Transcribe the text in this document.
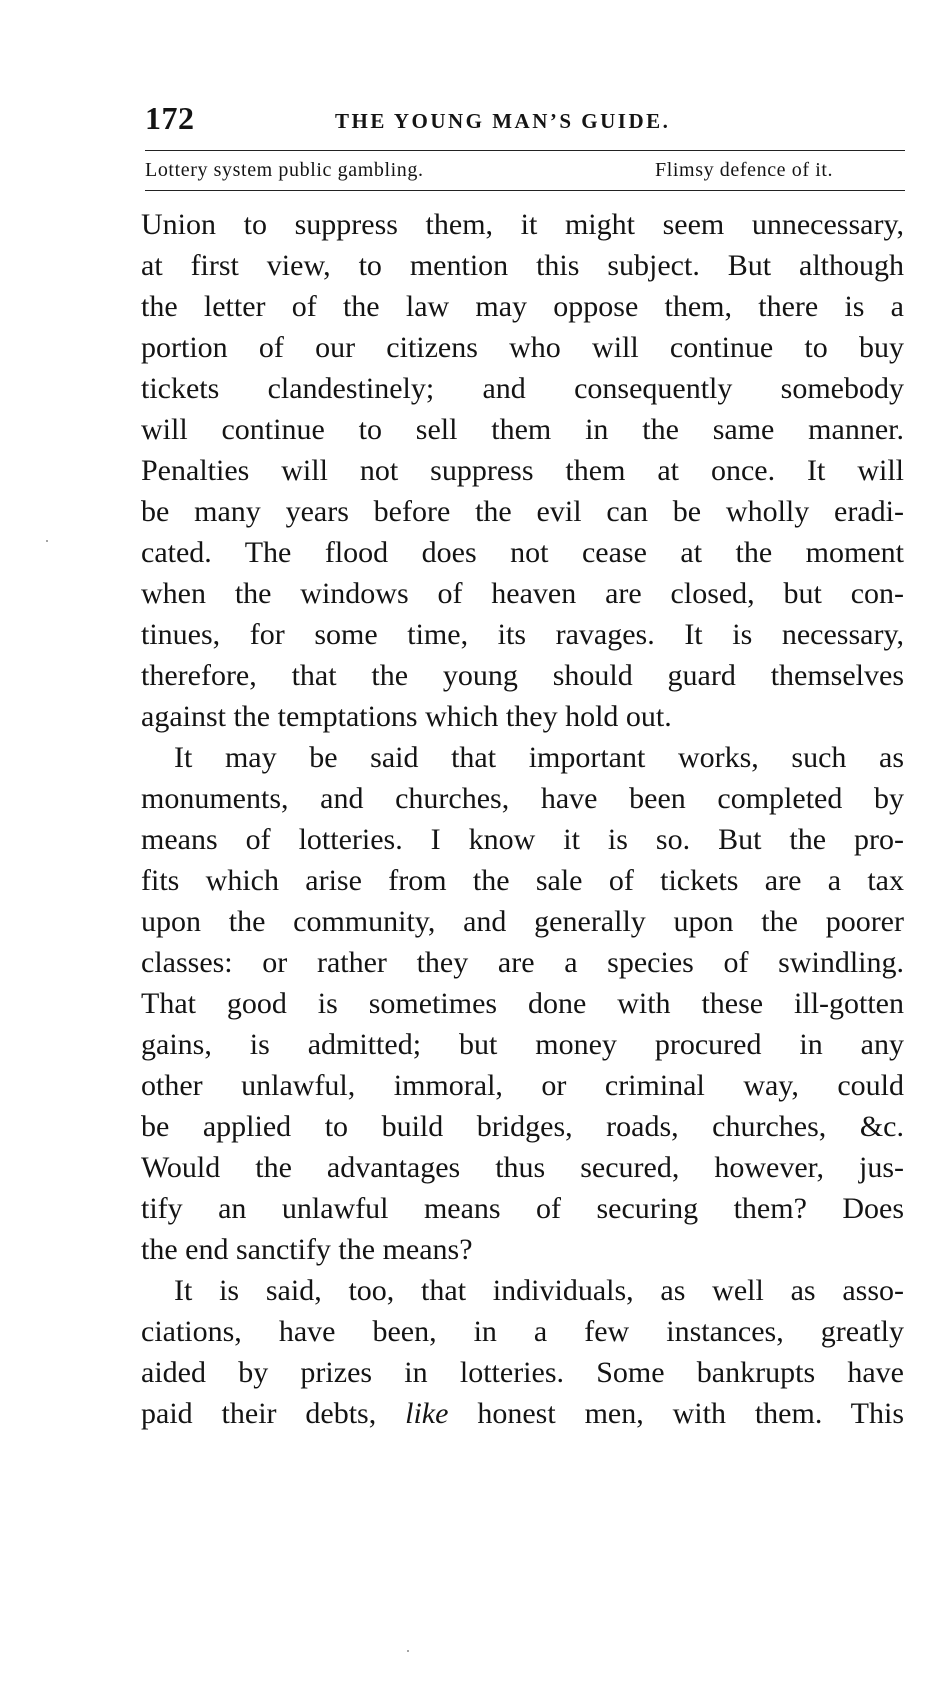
172	THE YOUNG MAN’S GUIDE.
Lottery system public gambling.	Flimsy defence of it.
Union to suppress them, it might seem unnecessary,
at first view, to mention this subject. But although
the letter of the law may oppose them, there is a
portion of our citizens who will continue to buy
tickets clandestinely; and consequently somebody
will continue to sell them in the same manner.
Penalties will not suppress them at once. It will
be many years before the evil can be wholly eradi-
cated. The flood does not cease at the moment
when the windows of heaven are closed, but con-
tinues, for some time, its ravages. It is necessary,
therefore, that the young should guard themselves
against the temptations which they hold out.
It may be said that important works, such as
monuments, and churches, have been completed by
means of lotteries. I know it is so. But the pro-
fits which arise from the sale of tickets are a tax
upon the community, and generally upon the poorer
classes: or rather they are a species of swindling.
That good is sometimes done with these ill-gotten
gains, is admitted; but money procured in any
other unlawful, immoral, or criminal way, could
be applied to build bridges, roads, churches, &c.
Would the advantages thus secured, however, jus-
tify an unlawful means of securing them? Does
the end sanctify the means?
It is said, too, that individuals, as well as asso-
ciations, have been, in a few instances, greatly
aided by prizes in lotteries. Some bankrupts have
paid their debts, like honest men, with them. This
